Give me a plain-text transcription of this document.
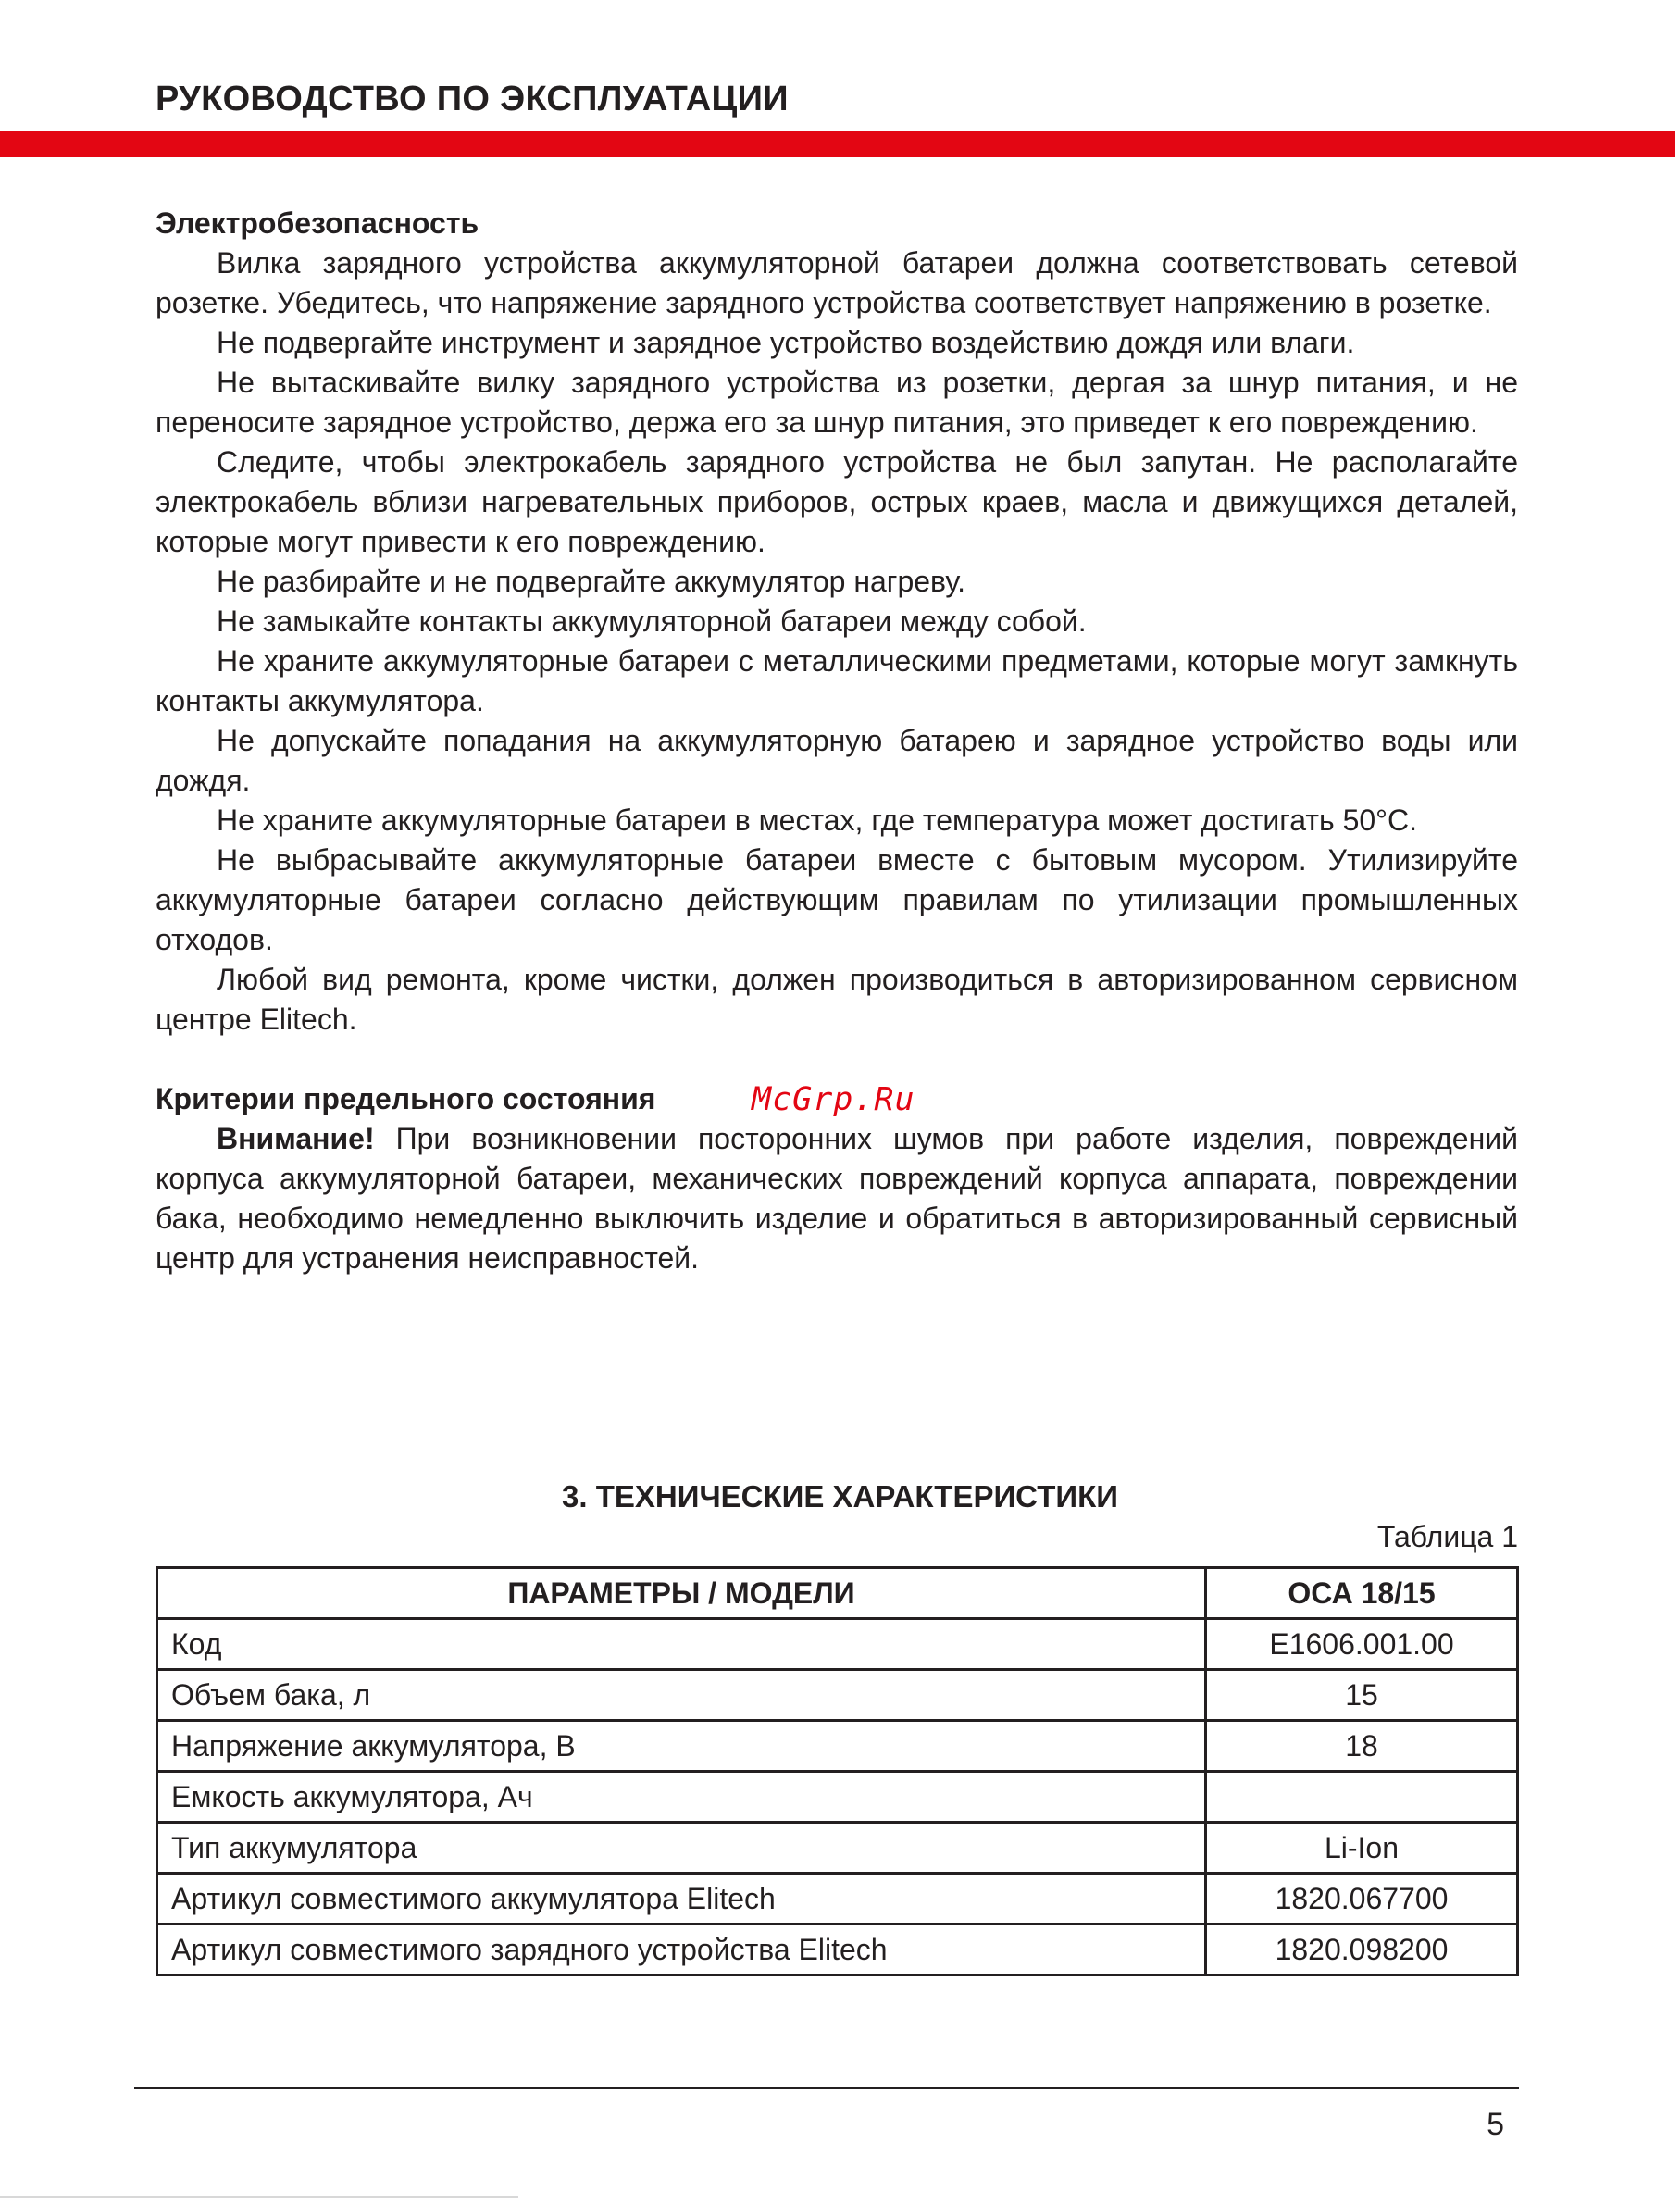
РУКОВОДСТВО ПО ЭКСПЛУАТАЦИИ

Электробезопасность

Вилка зарядного устройства аккумуляторной батареи должна соответствовать сетевой розетке. Убедитесь, что напряжение зарядного устройства соответствует напряжению в розетке.

Не подвергайте инструмент и зарядное устройство воздействию дождя или влаги.

Не вытаскивайте вилку зарядного устройства из розетки, дергая за шнур питания, и не переносите зарядное устройство, держа его за шнур питания, это приведет к его повреждению.

Следите, чтобы электрокабель зарядного устройства не был запутан. Не располагайте электрокабель вблизи нагревательных приборов, острых краев, масла и движущихся деталей, которые могут привести к его повреждению.

Не разбирайте и не подвергайте аккумулятор нагреву.

Не замыкайте контакты аккумуляторной батареи между собой.

Не храните аккумуляторные батареи с металлическими предметами, которые могут замкнуть контакты аккумулятора.

Не допускайте попадания на аккумуляторную батарею и зарядное устройство воды или дождя.

Не храните аккумуляторные батареи в местах, где температура может достигать 50°С.

Не выбрасывайте аккумуляторные батареи вместе с бытовым мусором. Утилизируйте аккумуляторные батареи согласно действующим правилам по утилизации промышленных отходов.

Любой вид ремонта, кроме чистки, должен производиться в авторизированном сервисном центре Elitech.

Критерии предельного состояния

Внимание! При возникновении посторонних шумов при работе изделия, повреждений корпуса аккумуляторной батареи, механических повреждений корпуса аппарата, повреждении бака, необходимо немедленно выключить изделие и обратиться в авторизированный сервисный центр для устранения неисправностей.

McGrp.Ru
3. ТЕХНИЧЕСКИЕ ХАРАКТЕРИСТИКИ
Таблица 1
ПАРАМЕТРЫ / МОДЕЛИ	ОСА 18/15
Код	E1606.001.00
Объем бака, л	15
Напряжение аккумулятора, В	18
Емкость аккумулятора, Ач	
Тип аккумулятора	Li-Ion
Артикул совместимого аккумулятора Elitech	1820.067700
Артикул совместимого зарядного устройства Elitech	1820.098200
5
